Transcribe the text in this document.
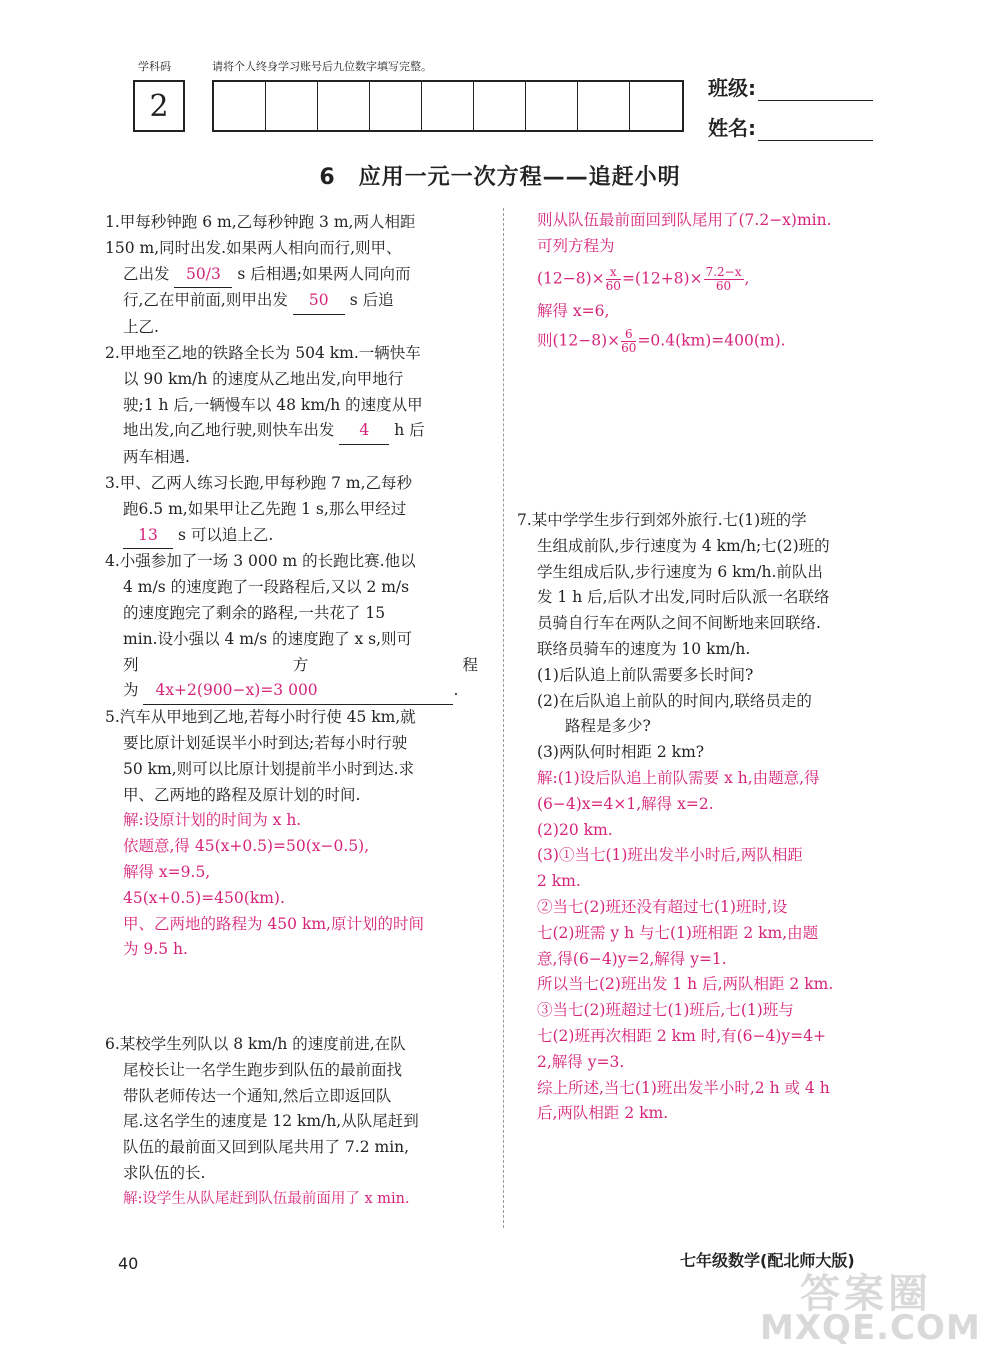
学科码	请将个人终身学习账号后九位数字填写完整。
2
班级:
姓名:
6　应用一元一次方程——追赶小明

1.甲每秒钟跑 6 m,乙每秒钟跑 3 m,两人相距

150 m,同时出发.如果两人相向而行,则甲、

乙出发 50/3 s 后相遇;如果两人同向而

行,乙在甲前面,则甲出发 50 s 后追

上乙.

2.甲地至乙地的铁路全长为 504 km.一辆快车

以 90 km/h 的速度从乙地出发,向甲地行

驶;1 h 后,一辆慢车以 48 km/h 的速度从甲

地出发,向乙地行驶,则快车出发 4 h 后

两车相遇.

3.甲、乙两人练习长跑,甲每秒跑 7 m,乙每秒

跑6.5 m,如果甲让乙先跑 1 s,那么甲经过

13 s 可以追上乙.

4.小强参加了一场 3 000 m 的长跑比赛.他以

4 m/s 的速度跑了一段路程后,又以 2 m/s

的速度跑完了剩余的路程,一共花了 15

min.设小强以 4 m/s 的速度跑了 x s,则可

列	方	程

为 4x+2(900−x)=3 000	.

5.汽车从甲地到乙地,若每小时行使 45 km,就

要比原计划延误半小时到达;若每小时行驶

50 km,则可以比原计划提前半小时到达.求

甲、乙两地的路程及原计划的时间.

解:设原计划的时间为 x h.

依题意,得 45(x+0.5)=50(x−0.5),

解得 x=9.5,

45(x+0.5)=450(km).

甲、乙两地的路程为 450 km,原计划的时间

为 9.5 h.

6.某校学生列队以 8 km/h 的速度前进,在队

尾校长让一名学生跑步到队伍的最前面找

带队老师传达一个通知,然后立即返回队

尾.这名学生的速度是 12 km/h,从队尾赶到

队伍的最前面又回到队尾共用了 7.2 min,

求队伍的长.

解:设学生从队尾赶到队伍最前面用了 x min.

则从队伍最前面回到队尾用了(7.2−x)min.

可列方程为

$(12-8)\times \frac{x}{60} =(12+8)\times \frac{7.2-x}{60}$ ,

解得 x=6,

则$(12-8)\times \frac{6}{60} =0.4(km)=400(m)$.

7.某中学学生步行到郊外旅行.七(1)班的学

生组成前队,步行速度为 4 km/h;七(2)班的

学生组成后队,步行速度为 6 km/h.前队出

发 1 h 后,后队才出发,同时后队派一名联络

员骑自行车在两队之间不间断地来回联络.

联络员骑车的速度为 10 km/h.

(1)后队追上前队需要多长时间?

(2)在后队追上前队的时间内,联络员走的

路程是多少?

(3)两队何时相距 2 km?

解:(1)设后队追上前队需要 x h,由题意,得

(6−4)x=4×1,解得 x=2.

(2)20 km.

(3)①当七(1)班出发半小时后,两队相距

2 km.

②当七(2)班还没有超过七(1)班时,设

七(2)班需 y h 与七(1)班相距 2 km,由题

意,得(6−4)y=2,解得 y=1.

所以当七(2)班出发 1 h 后,两队相距 2 km.

③当七(2)班超过七(1)班后,七(1)班与

七(2)班再次相距 2 km 时,有(6−4)y=4+

2,解得 y=3.

综上所述,当七(1)班出发半小时,2 h 或 4 h

后,两队相距 2 km.

40	七年级数学(配北师大版)
答案圈
MXQE.COM
